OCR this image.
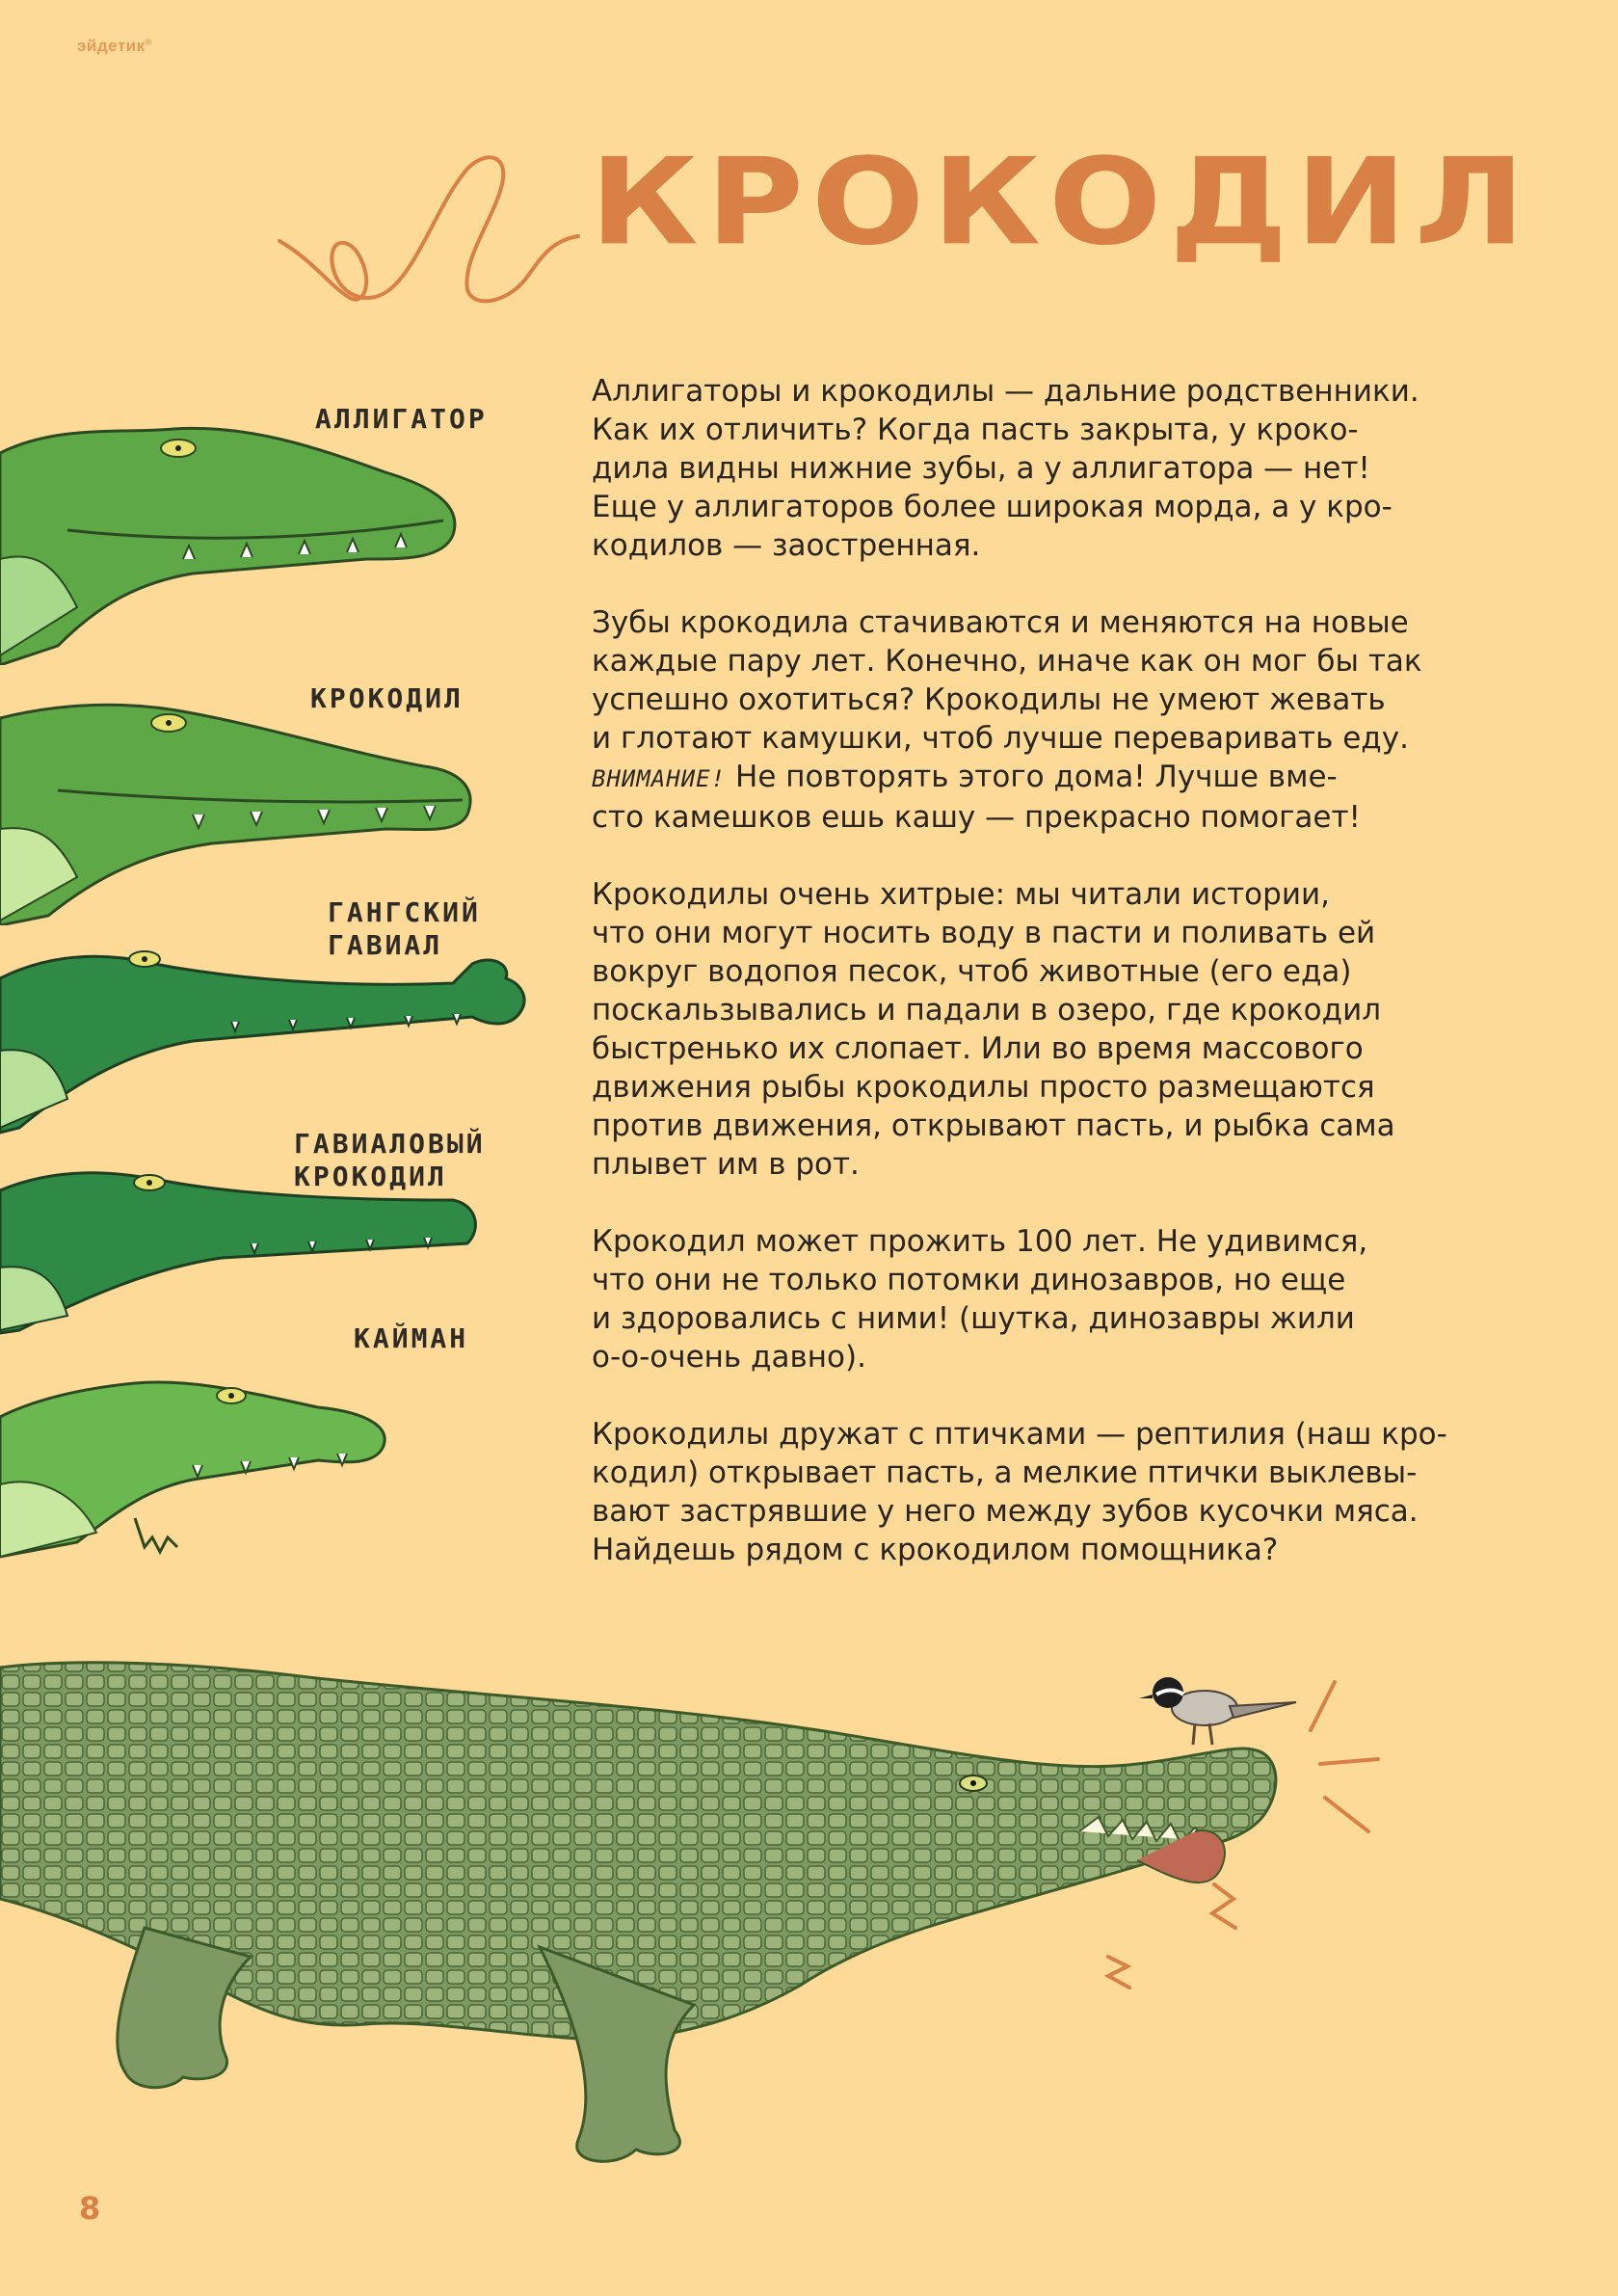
эйдетик®
КРОКОДИЛ

АЛЛИГАТОР

КРОКОДИЛ

ГАНГСКИЙ
ГАВИАЛ

ГАВИАЛОВЫЙ
КРОКОДИЛ

КАЙМАН

Аллигаторы и крокодилы — дальние родственники.
Как их отличить? Когда пасть закрыта, у кроко-
дила видны нижние зубы, а у аллигатора — нет!
Еще у аллигаторов более широкая морда, а у кро-
кодилов — заостренная.

Зубы крокодила стачиваются и меняются на новые
каждые пару лет. Конечно, иначе как он мог бы так
успешно охотиться? Крокодилы не умеют жевать
и глотают камушки, чтоб лучше переваривать еду.
ВНИМАНИЕ! Не повторять этого дома! Лучше вме-
сто камешков ешь кашу — прекрасно помогает!

Крокодилы очень хитрые: мы читали истории,
что они могут носить воду в пасти и поливать ей
вокруг водопоя песок, чтоб животные (его еда)
поскальзывались и падали в озеро, где крокодил
быстренько их слопает. Или во время массового
движения рыбы крокодилы просто размещаются
против движения, открывают пасть, и рыбка сама
плывет им в рот.

Крокодил может прожить 100 лет. Не удивимся,
что они не только потомки динозавров, но еще
и здоровались с ними! (шутка, динозавры жили
о-о-очень давно).

Крокодилы дружат с птичками — рептилия (наш кро-
кодил) открывает пасть, а мелкие птички выклевы-
вают застрявшие у него между зубов кусочки мяса.
Найдешь рядом с крокодилом помощника?

8
